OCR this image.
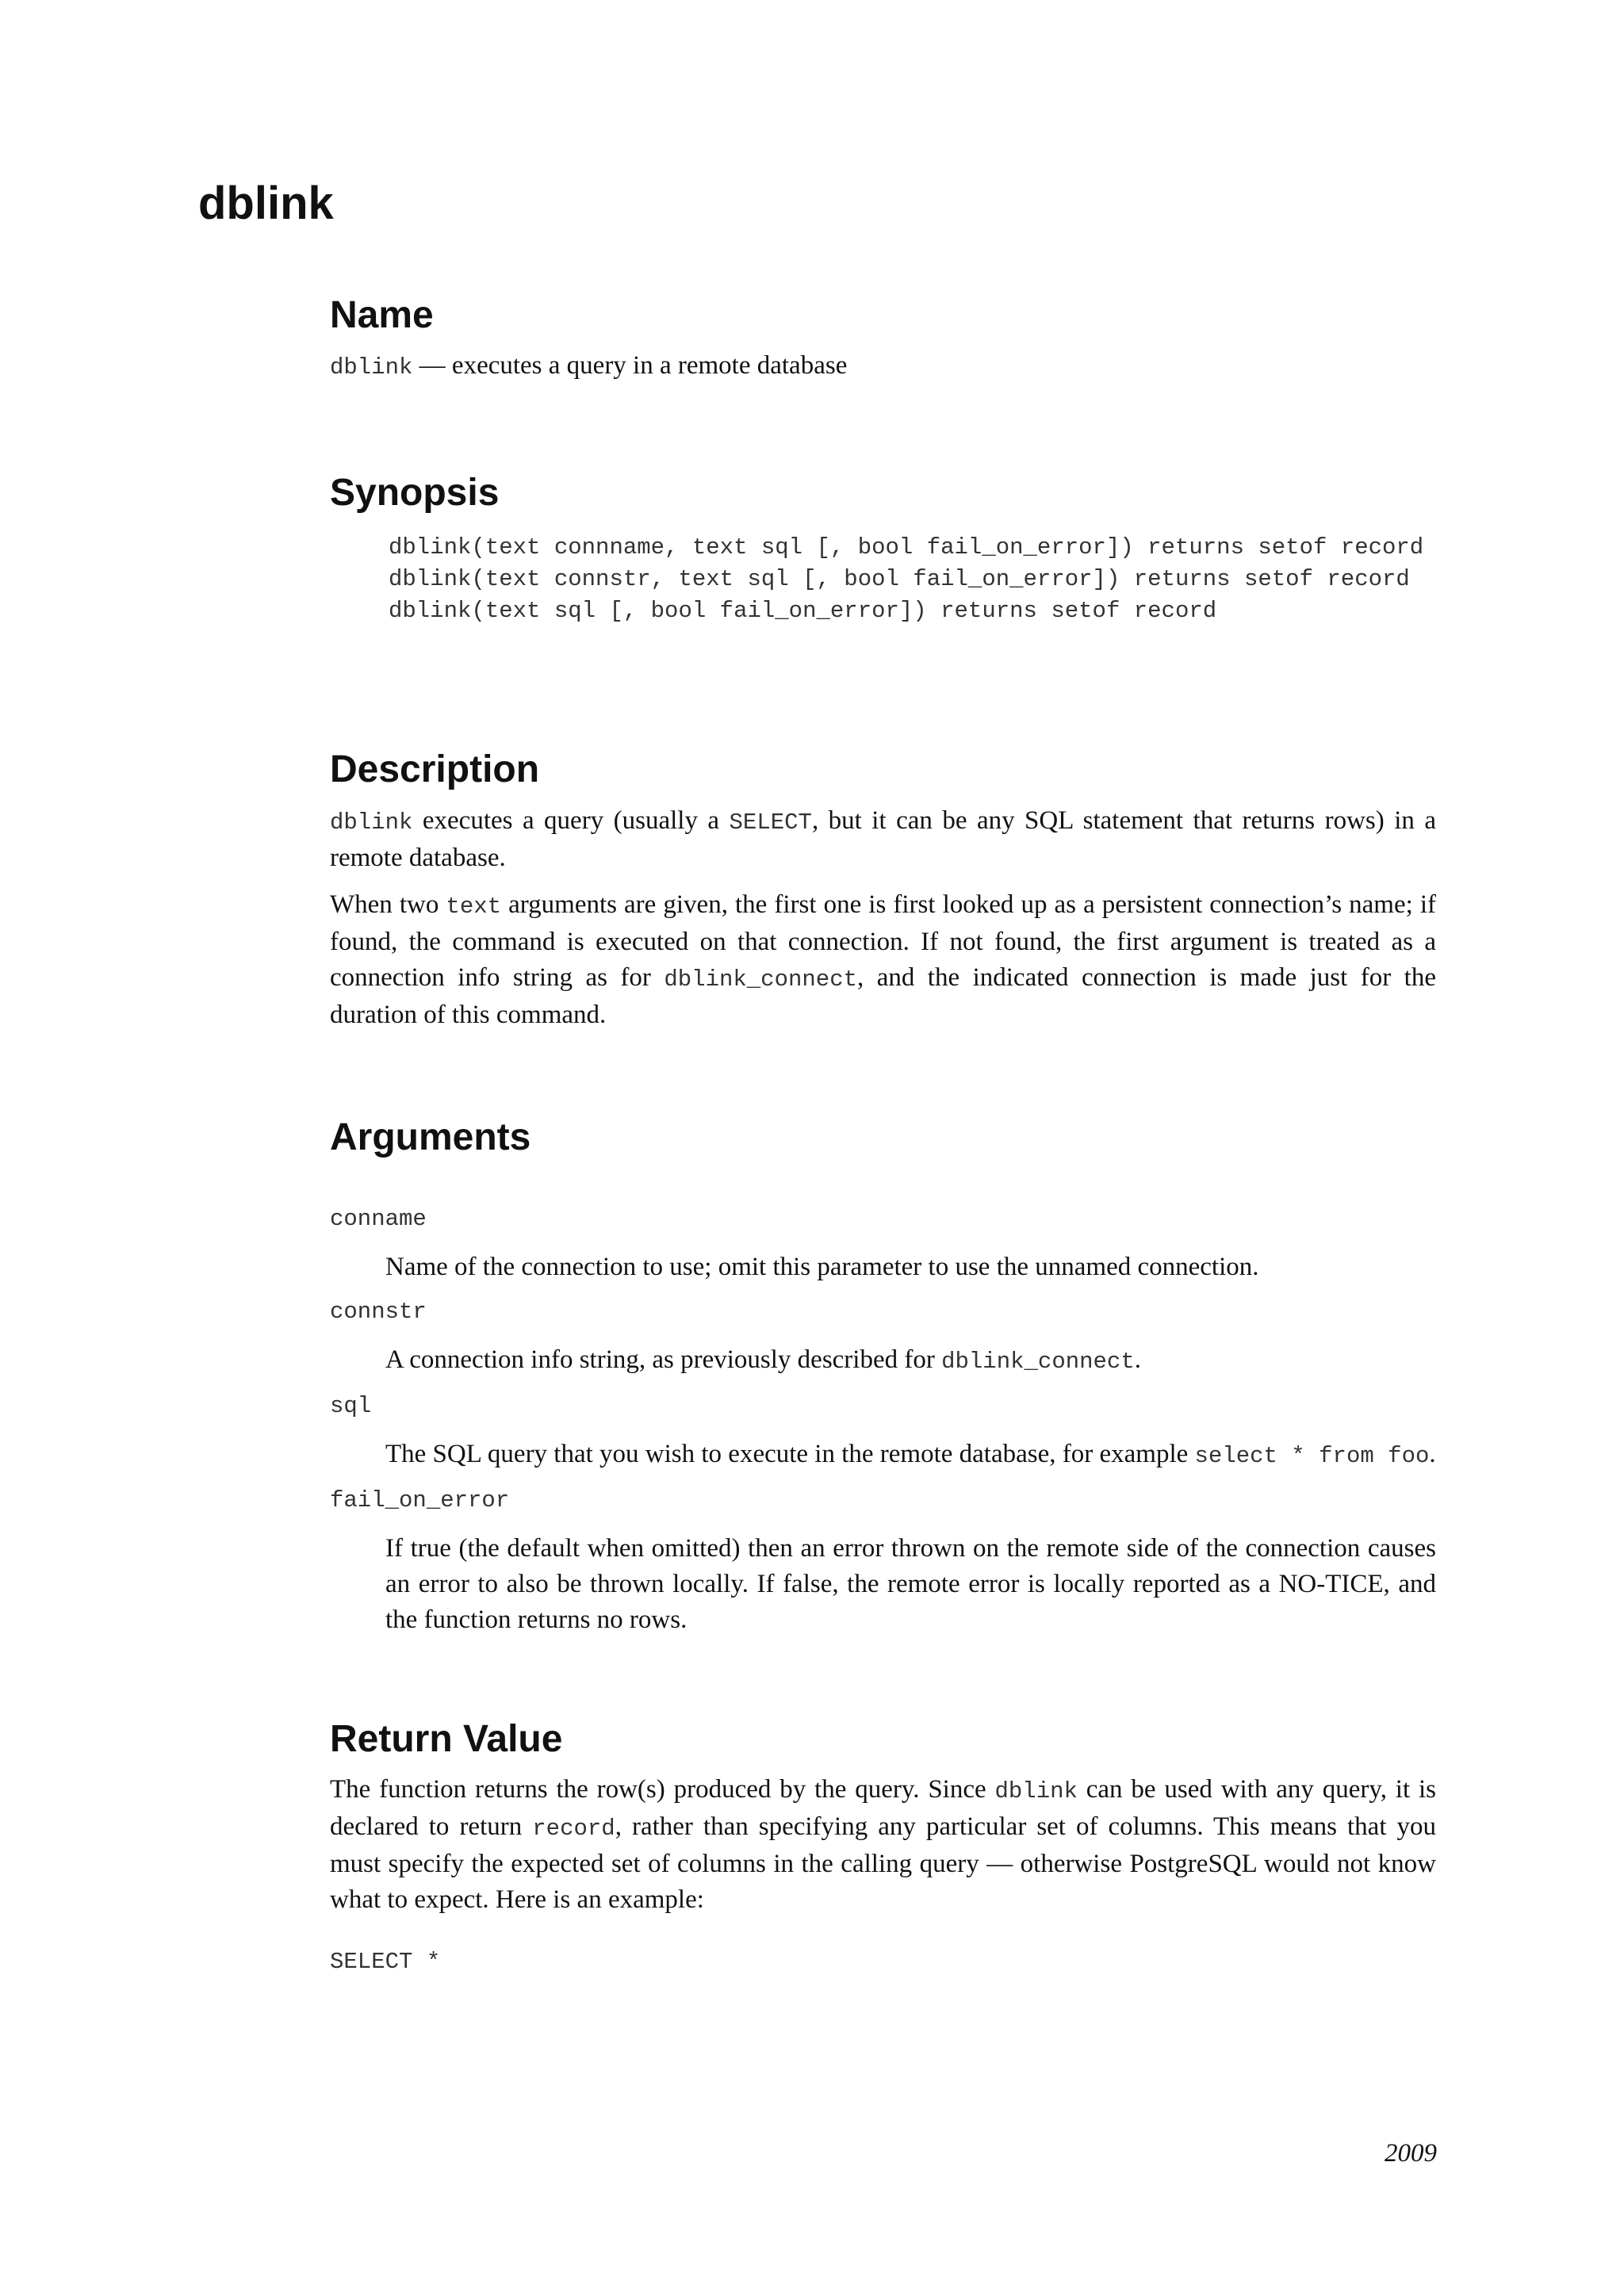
dblink
Name

dblink — executes a query in a remote database

Synopsis
dblink(text connname, text sql [, bool fail_on_error]) returns setof record
dblink(text connstr, text sql [, bool fail_on_error]) returns setof record
dblink(text sql [, bool fail_on_error]) returns setof record
Description

dblink executes a query (usually a SELECT, but it can be any SQL statement that returns rows) in a remote database.

When two text arguments are given, the first one is first looked up as a persistent connection’s name; if found, the command is executed on that connection. If not found, the first argument is treated as a connection info string as for dblink_connect, and the indicated connection is made just for the duration of this command.

Arguments
conname

Name of the connection to use; omit this parameter to use the unnamed connection.

connstr

A connection info string, as previously described for dblink_connect.

sql

The SQL query that you wish to execute in the remote database, for example select * from foo.

fail_on_error

If true (the default when omitted) then an error thrown on the remote side of the connection causes an error to also be thrown locally. If false, the remote error is locally reported as a NO-TICE, and the function returns no rows.

Return Value

The function returns the row(s) produced by the query. Since dblink can be used with any query, it is declared to return record, rather than specifying any particular set of columns. This means that you must specify the expected set of columns in the calling query — otherwise PostgreSQL would not know what to expect. Here is an example:

SELECT *
2009
